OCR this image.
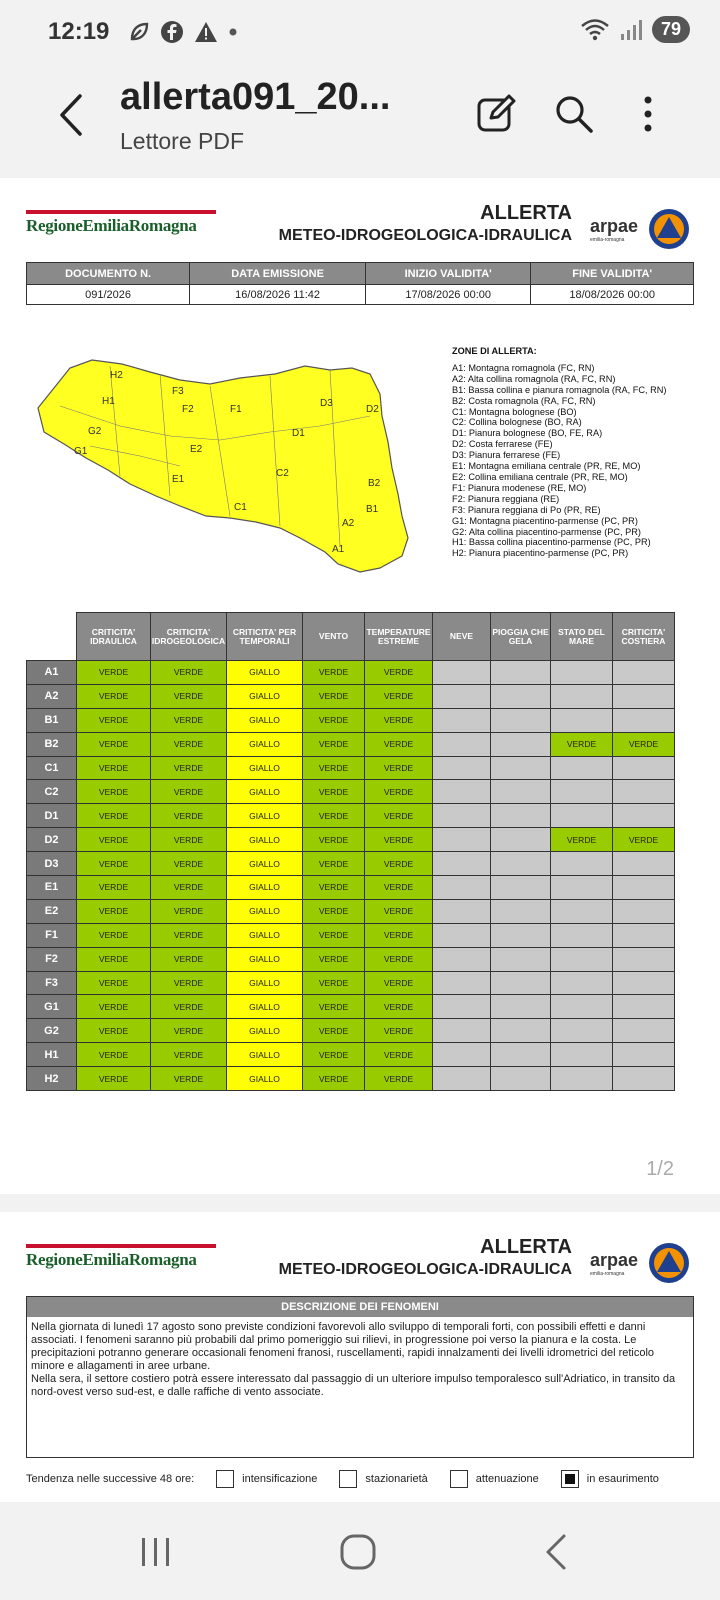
12:19	79
allerta091_20...
Lettore PDF
RegioneEmiliaRomagna
ALLERTA
METEO-IDROGEOLOGICA-IDRAULICA arpae
emilia-romagna
DOCUMENTO N.	DATA EMISSIONE	INIZIO VALIDITA'	FINE VALIDITA'
091/2026	16/08/2026 11:42	17/08/2026 00:00	18/08/2026 00:00
H2
H1
G2
G1
F3
F2	F1
E2
E1
D3
D2
D1
C2
C1
B2
B1
A2
A1
ZONE DI ALLERTA:
A1: Montagna romagnola (FC, RN)
A2: Alta collina romagnola (RA, FC, RN)
B1: Bassa collina e pianura romagnola (RA, FC, RN)
B2: Costa romagnola (RA, FC, RN)
C1: Montagna bolognese (BO)
C2: Collina bolognese (BO, RA)
D1: Pianura bolognese (BO, FE, RA)
D2: Costa ferrarese (FE)
D3: Pianura ferrarese (FE)
E1: Montagna emiliana centrale (PR, RE, MO)
E2: Collina emiliana centrale (PR, RE, MO)
F1: Pianura modenese (RE, MO)
F2: Pianura reggiana (RE)
F3: Pianura reggiana di Po (PR, RE)
G1: Montagna piacentino-parmense (PC, PR)
G2: Alta collina piacentino-parmense (PC, PR)
H1: Bassa collina piacentino-parmense (PC, PR)
H2: Pianura piacentino-parmense (PC, PR)
	CRITICITA' IDRAULICA	CRITICITA' IDROGEOLOGICA	CRITICITA' PER TEMPORALI	VENTO	TEMPERATURE ESTREME	NEVE	PIOGGIA CHE GELA	STATO DEL MARE	CRITICITA' COSTIERA
A1	VERDE	VERDE	GIALLO	VERDE	VERDE				
A2	VERDE	VERDE	GIALLO	VERDE	VERDE				
B1	VERDE	VERDE	GIALLO	VERDE	VERDE				
B2	VERDE	VERDE	GIALLO	VERDE	VERDE			VERDE	VERDE
C1	VERDE	VERDE	GIALLO	VERDE	VERDE				
C2	VERDE	VERDE	GIALLO	VERDE	VERDE				
D1	VERDE	VERDE	GIALLO	VERDE	VERDE				
D2	VERDE	VERDE	GIALLO	VERDE	VERDE			VERDE	VERDE
D3	VERDE	VERDE	GIALLO	VERDE	VERDE				
E1	VERDE	VERDE	GIALLO	VERDE	VERDE				
E2	VERDE	VERDE	GIALLO	VERDE	VERDE				
F1	VERDE	VERDE	GIALLO	VERDE	VERDE				
F2	VERDE	VERDE	GIALLO	VERDE	VERDE				
F3	VERDE	VERDE	GIALLO	VERDE	VERDE				
G1	VERDE	VERDE	GIALLO	VERDE	VERDE				
G2	VERDE	VERDE	GIALLO	VERDE	VERDE				
H1	VERDE	VERDE	GIALLO	VERDE	VERDE				
H2	VERDE	VERDE	GIALLO	VERDE	VERDE				
1/2
RegioneEmiliaRomagna
ALLERTA
METEO-IDROGEOLOGICA-IDRAULICA arpae
emilia-romagna
DESCRIZIONE DEI FENOMENI
Nella giornata di lunedì 17 agosto sono previste condizioni favorevoli allo sviluppo di temporali forti, con possibili effetti e danni associati. I fenomeni saranno più probabili dal primo pomeriggio sui rilievi, in progressione poi verso la pianura e la costa. Le precipitazioni potranno generare occasionali fenomeni franosi, ruscellamenti, rapidi innalzamenti dei livelli idrometrici del reticolo minore e allagamenti in aree urbane.
Nella sera, il settore costiero potrà essere interessato dal passaggio di un ulteriore impulso temporalesco sull'Adriatico, in transito da nord-ovest verso sud-est, e dalle raffiche di vento associate.
Tendenza nelle successive 48 ore:	intensificazione	stazionarietà	attenuazione	in esaurimento
